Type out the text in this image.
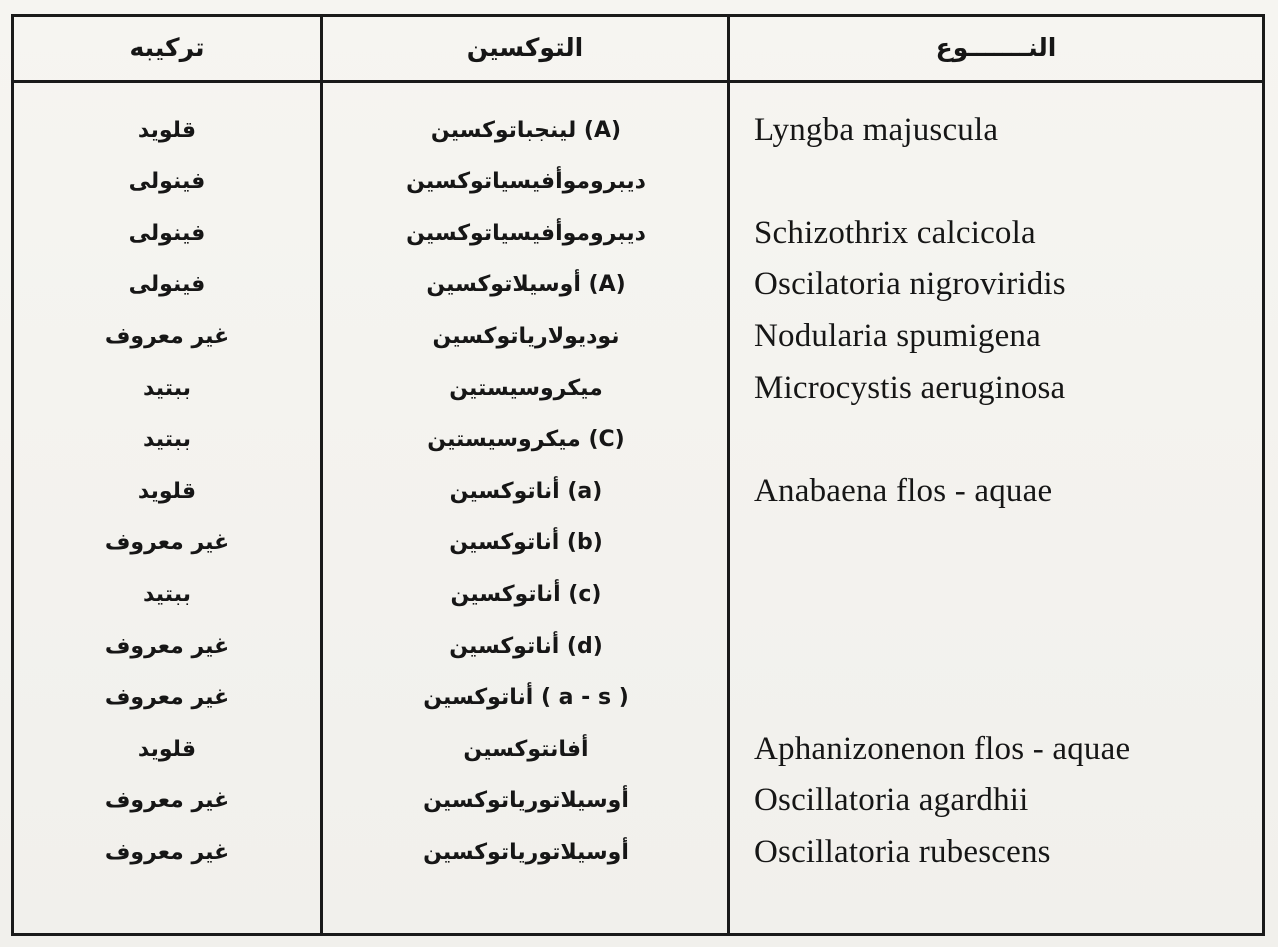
تركيبه	التوكسين	النـــــــوع
قلويد	لينجباتوكسين (A)	Lyngba majuscula
فينولى	ديبروموأفيسياتوكسين
فينولى	ديبروموأفيسياتوكسين	Schizothrix calcicola
فينولى	أوسيلاتوكسين (A)	Oscilatoria nigroviridis
غير معروف	نوديولارياتوكسين	Nodularia spumigena
ببتيد	ميكروسيستين	Microcystis aeruginosa
ببتيد	ميكروسيستين (C)
قلويد	أناتوكسين (a)	Anabaena flos - aquae
غير معروف	أناتوكسين (b)
ببتيد	أناتوكسين (c)
غير معروف	أناتوكسين (d)
غير معروف	أناتوكسين ( a - s )
قلويد	أفانتوكسين	Aphanizonenon flos - aquae
غير معروف	أوسيلاتورياتوكسين	Oscillatoria agardhii
غير معروف	أوسيلاتورياتوكسين	Oscillatoria rubescens
